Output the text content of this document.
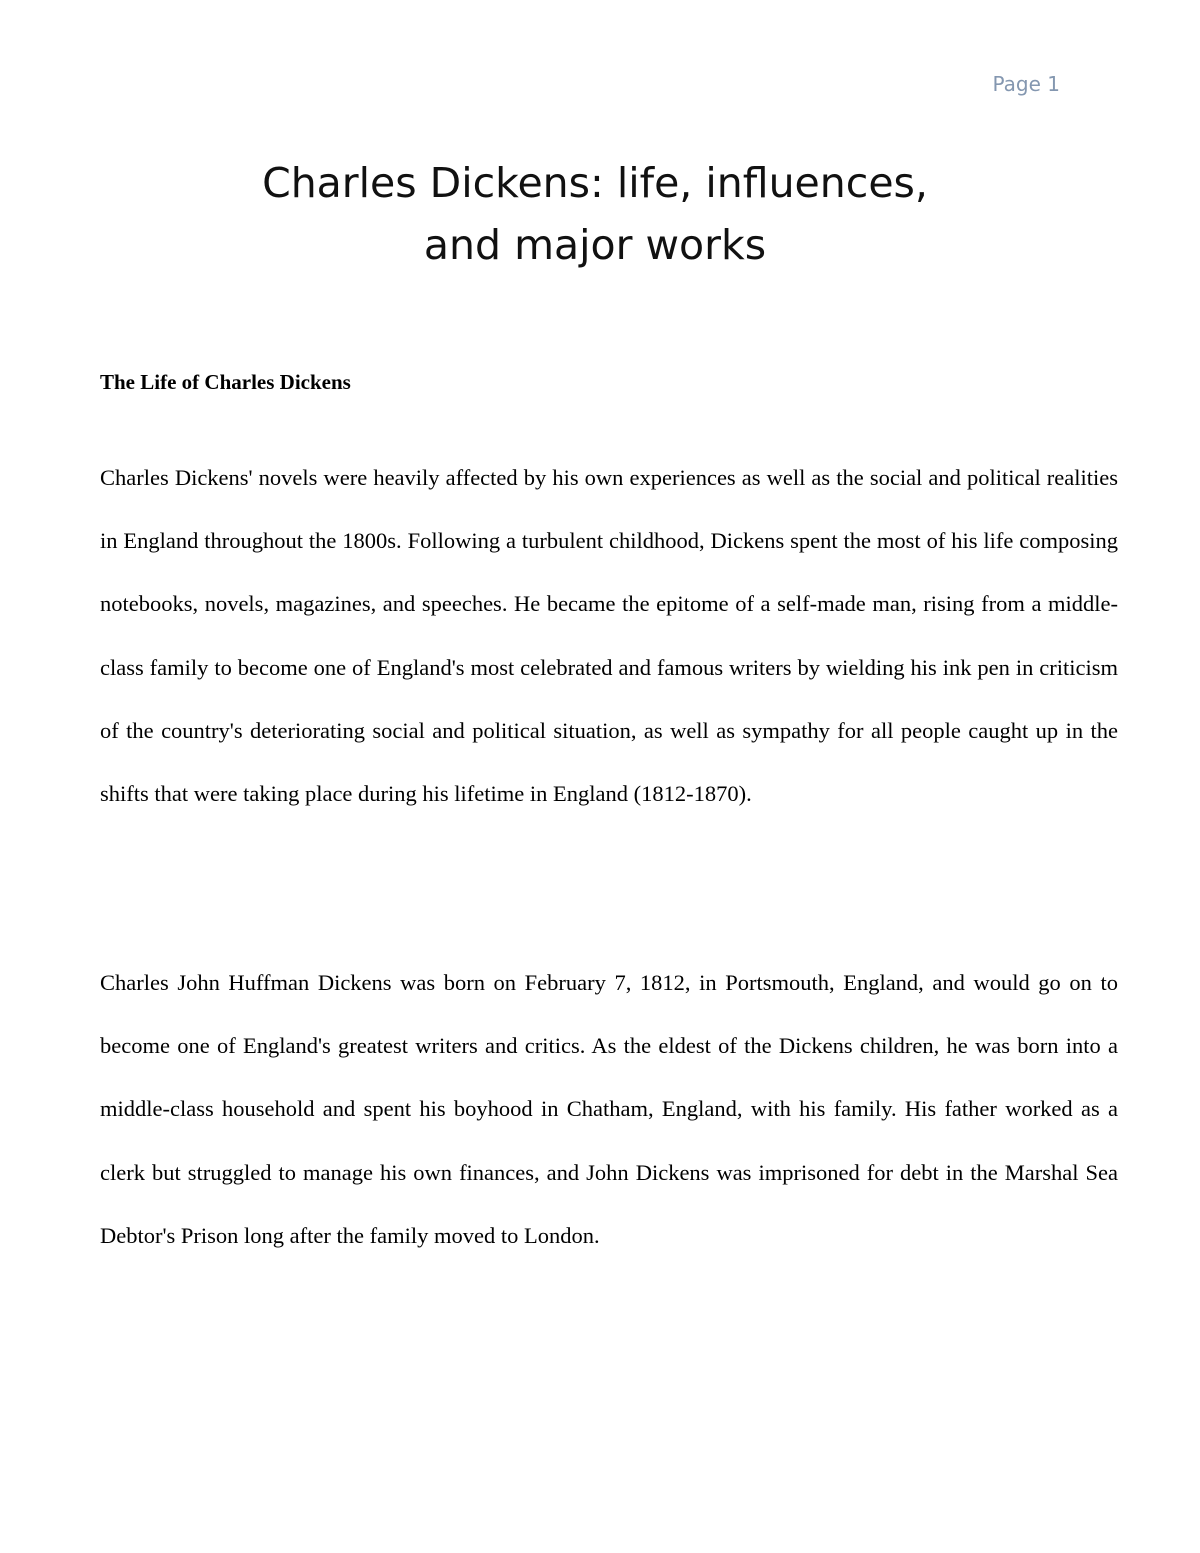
Page 1
Charles Dickens: life, influences,
and major works
The Life of Charles Dickens

Charles Dickens' novels were heavily affected by his own experiences as well as the social and political realities in England throughout the 1800s. Following a turbulent childhood, Dickens spent the most of his life composing notebooks, novels, magazines, and speeches. He became the epitome of a self-made man, rising from a middle-class family to become one of England's most celebrated and famous writers by wielding his ink pen in criticism of the country's deteriorating social and political situation, as well as sympathy for all people caught up in the shifts that were taking place during his lifetime in England (1812-1870).

Charles John Huffman Dickens was born on February 7, 1812, in Portsmouth, England, and would go on to become one of England's greatest writers and critics. As the eldest of the Dickens children, he was born into a middle-class household and spent his boyhood in Chatham, England, with his family. His father worked as a clerk but struggled to manage his own finances, and John Dickens was imprisoned for debt in the Marshal Sea Debtor's Prison long after the family moved to London.
